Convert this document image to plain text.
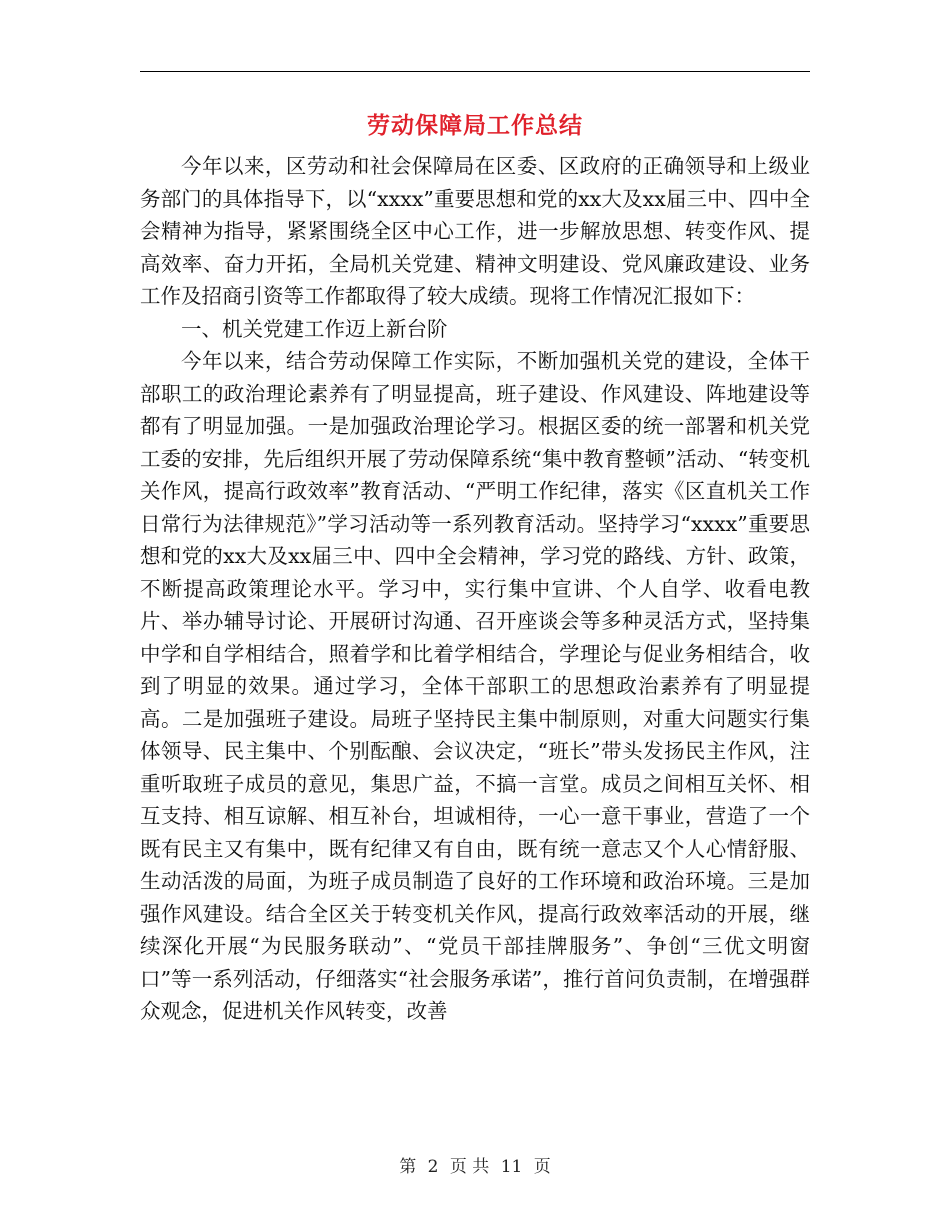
劳动保障局工作总结

今年以来，区劳动和社会保障局在区委、区政府的正确领导和上级业务部门的具体指导下，以“xxxx”重要思想和党的xx大及xx届三中、四中全会精神为指导，紧紧围绕全区中心工作，进一步解放思想、转变作风、提高效率、奋力开拓，全局机关党建、精神文明建设、党风廉政建设、业务工作及招商引资等工作都取得了较大成绩。现将工作情况汇报如下：

一、机关党建工作迈上新台阶

今年以来，结合劳动保障工作实际，不断加强机关党的建设，全体干部职工的政治理论素养有了明显提高，班子建设、作风建设、阵地建设等都有了明显加强。一是加强政治理论学习。根据区委的统一部署和机关党工委的安排，先后组织开展了劳动保障系统“集中教育整顿”活动、“转变机关作风，提高行政效率”教育活动、“严明工作纪律，落实《区直机关工作日常行为法律规范》”学习活动等一系列教育活动。坚持学习“xxxx”重要思想和党的xx大及xx届三中、四中全会精神，学习党的路线、方针、政策，不断提高政策理论水平。学习中，实行集中宣讲、个人自学、收看电教片、举办辅导讨论、开展研讨沟通、召开座谈会等多种灵活方式，坚持集中学和自学相结合，照着学和比着学相结合，学理论与促业务相结合，收到了明显的效果。通过学习，全体干部职工的思想政治素养有了明显提高。二是加强班子建设。局班子坚持民主集中制原则，对重大问题实行集体领导、民主集中、个别酝酿、会议决定，“班长”带头发扬民主作风，注重听取班子成员的意见，集思广益，不搞一言堂。成员之间相互关怀、相互支持、相互谅解、相互补台，坦诚相待，一心一意干事业，营造了一个既有民主又有集中，既有纪律又有自由，既有统一意志又个人心情舒服、生动活泼的局面，为班子成员制造了良好的工作环境和政治环境。三是加强作风建设。结合全区关于转变机关作风，提高行政效率活动的开展，继续深化开展“为民服务联动”、“党员干部挂牌服务”、争创“三优文明窗口”等一系列活动，仔细落实“社会服务承诺”，推行首问负责制，在增强群众观念，促进机关作风转变，改善

第 2 页 共 11 页
